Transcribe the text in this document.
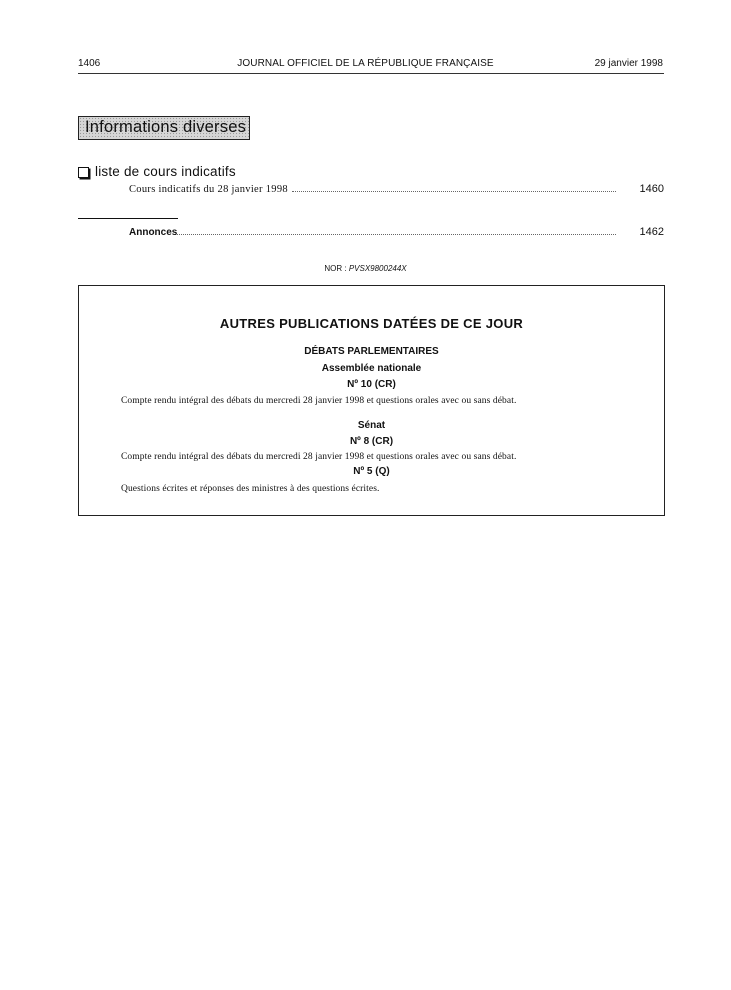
1406	JOURNAL OFFICIEL DE LA RÉPUBLIQUE FRANÇAISE	29 janvier 1998
Informations diverses
liste de cours indicatifs
Cours indicatifs du 28 janvier 1998	1460
Annonces	1462
NOR : PVSX9800244X
AUTRES PUBLICATIONS DATÉES DE CE JOUR
DÉBATS PARLEMENTAIRES
Assemblée nationale
Nº 10 (CR)
Compte rendu intégral des débats du mercredi 28 janvier 1998 et questions orales avec ou sans débat.
Sénat
Nº 8 (CR)
Compte rendu intégral des débats du mercredi 28 janvier 1998 et questions orales avec ou sans débat.
Nº 5 (Q)
Questions écrites et réponses des ministres à des questions écrites.
